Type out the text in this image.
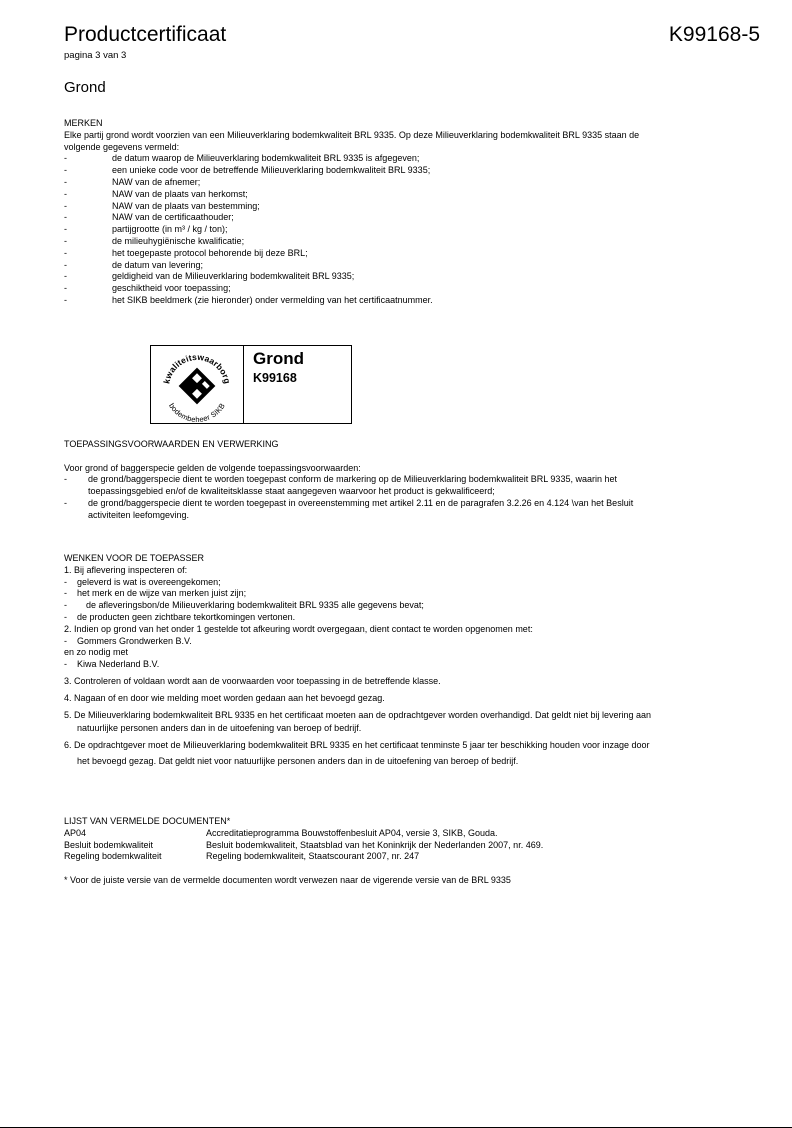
Productcertificaat	K99168-5
pagina 3 van 3
Grond
MERKEN
Elke partij grond wordt voorzien van een Milieuverklaring bodemkwaliteit BRL 9335. Op deze Milieuverklaring bodemkwaliteit BRL 9335 staan de
volgende gegevens vermeld:
-	de datum waarop de Milieuverklaring bodemkwaliteit BRL 9335 is afgegeven;
-	een unieke code voor de betreffende Milieuverklaring bodemkwaliteit BRL 9335;
-	NAW van de afnemer;
-	NAW van de plaats van herkomst;
-	NAW van de plaats van bestemming;
-	NAW van de certificaathouder;
-	partijgrootte (in m³ / kg / ton);
-	de milieuhygiënische kwalificatie;
-	het toegepaste protocol behorende bij deze BRL;
-	de datum van levering;
-	geldigheid van de Milieuverklaring bodemkwaliteit BRL 9335;
-	geschiktheid voor toepassing;
-	het SIKB beeldmerk (zie hieronder) onder vermelding van het certificaatnummer.
kwaliteitswaarborg
bodembeheer SIKB
Grond
K99168
TOEPASSINGSVOORWAARDEN EN VERWERKING
Voor grond of baggerspecie gelden de volgende toepassingsvoorwaarden:
- de grond/baggerspecie dient te worden toegepast conform de markering op de Milieuverklaring bodemkwaliteit BRL 9335, waarin het
toepassingsgebied en/of de kwaliteitsklasse staat aangegeven waarvoor het product is gekwalificeerd;
- de grond/baggerspecie dient te worden toegepast in overeenstemming met artikel 2.11 en de paragrafen 3.2.26 en 4.124 \van het Besluit
activiteiten leefomgeving.
WENKEN VOOR DE TOEPASSER
1. Bij aflevering inspecteren of:
- geleverd is wat is overeengekomen;
- het merk en de wijze van merken juist zijn;
- de afleveringsbon/de Milieuverklaring bodemkwaliteit BRL 9335 alle gegevens bevat;
- de producten geen zichtbare tekortkomingen vertonen.
2. Indien op grond van het onder 1 gestelde tot afkeuring wordt overgegaan, dient contact te worden opgenomen met:
- Gommers Grondwerken B.V.
en zo nodig met
- Kiwa Nederland B.V.
3. Controleren of voldaan wordt aan de voorwaarden voor toepassing in de betreffende klasse.
4. Nagaan of en door wie melding moet worden gedaan aan het bevoegd gezag.
5. De Milieuverklaring bodemkwaliteit BRL 9335 en het certificaat moeten aan de opdrachtgever worden overhandigd. Dat geldt niet bij levering aan
natuurlijke personen anders dan in de uitoefening van beroep of bedrijf.
6. De opdrachtgever moet de Milieuverklaring bodemkwaliteit BRL 9335 en het certificaat tenminste 5 jaar ter beschikking houden voor inzage door
het bevoegd gezag. Dat geldt niet voor natuurlijke personen anders dan in de uitoefening van beroep of bedrijf.
LIJST VAN VERMELDE DOCUMENTEN*
AP04	Accreditatieprogramma Bouwstoffenbesluit AP04, versie 3, SIKB, Gouda.
Besluit bodemkwaliteit	Besluit bodemkwaliteit, Staatsblad van het Koninkrijk der Nederlanden 2007, nr. 469.
Regeling bodemkwaliteit	Regeling bodemkwaliteit, Staatscourant 2007, nr. 247
* Voor de juiste versie van de vermelde documenten wordt verwezen naar de vigerende versie van de BRL 9335
